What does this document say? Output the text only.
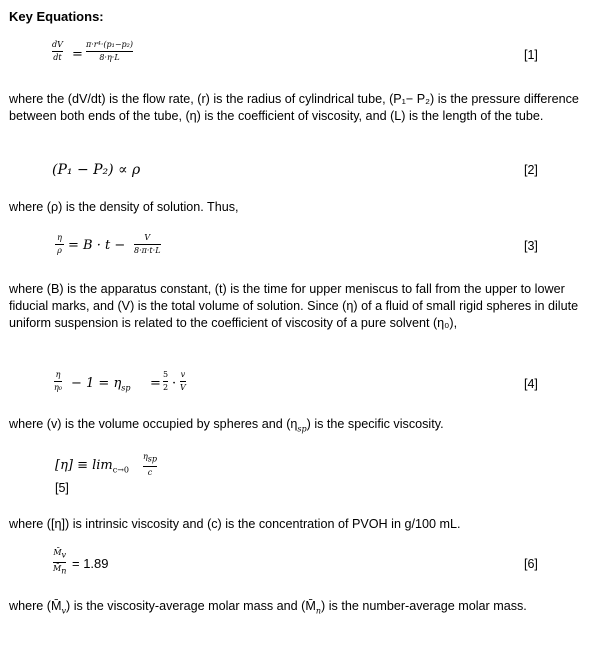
Key Equations:
dV
dt =
π·r⁴·(p₁−p₂)
8·η·L	[1]
where the (dV/dt) is the flow rate, (r) is the radius of cylindrical tube, (P₁− P₂) is the pressure difference between both ends of the tube, (η) is the coefficient of viscosity, and (L) is the length of the tube.
(P₁ − P₂) ∝ ρ	[2]
where (ρ) is the density of solution. Thus,
η
ρ = B · t −
V
8·π·t·L	[3]
where (B) is the apparatus constant, (t) is the time for upper meniscus to fall from the upper to lower fiducial marks, and (V) is the total volume of solution. Since (η) of a fluid of small rigid spheres in dilute uniform suspension is related to the coefficient of viscosity of a pure solvent (η₀),
η
$\eta_0 - 1 = \eta_{sp}$ =
5
2 ·
v
V	[4]
where (v) is the volume occupied by spheres and $(\eta_{sp})$ is the specific viscosity.
$[\eta] \equiv \lim_{c\to 0}$
$\eta_{sp}$
c
[5]
where ([η]) is intrinsic viscosity and (c) is the concentration of PVOH in g/100 mL.
$M̄_v$
$M̄_n = 1.89$	[6]
where $(M̄_v)$ is the viscosity-average molar mass and $(M̄_n)$ is the number-average molar mass.
